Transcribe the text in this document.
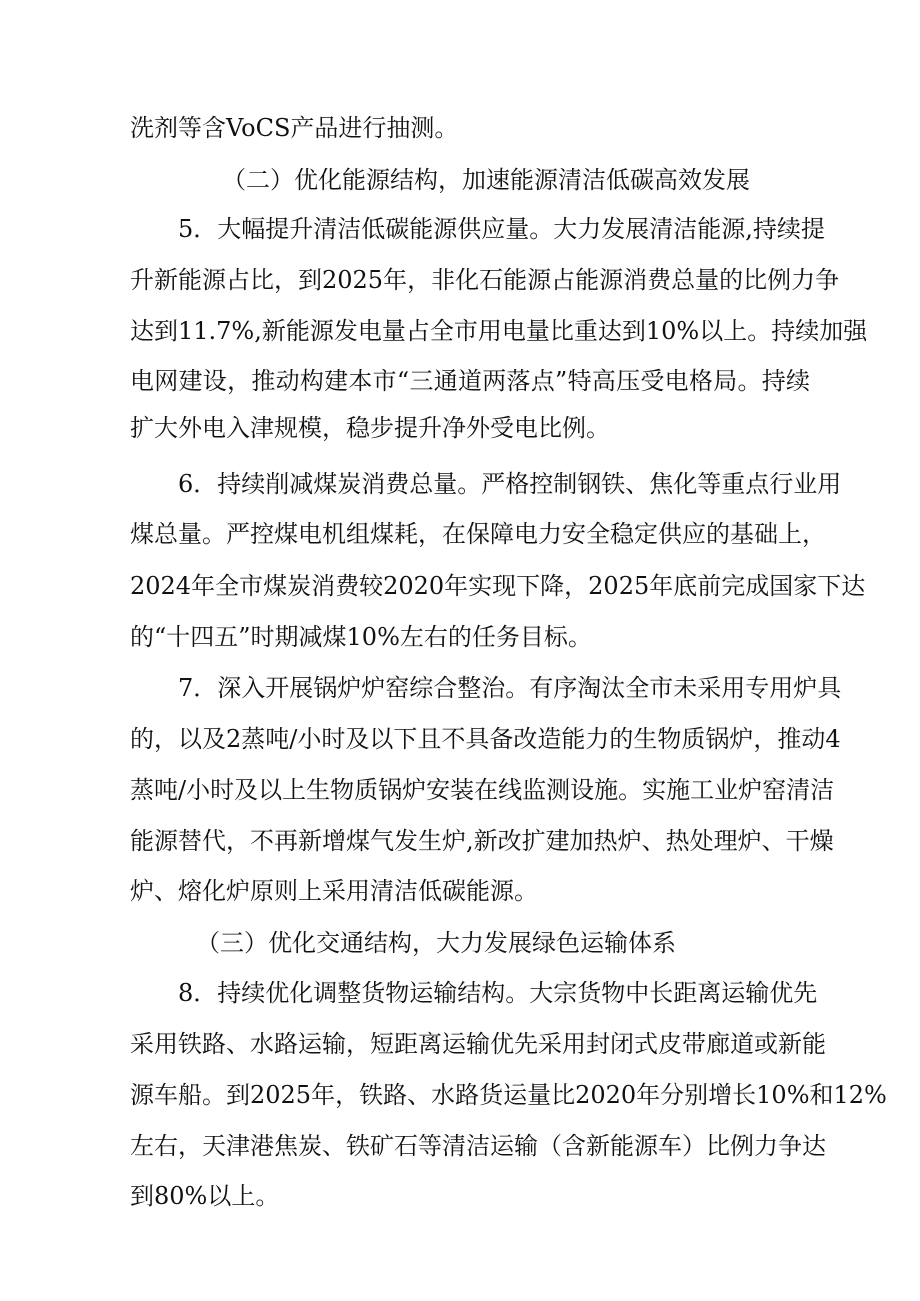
洗剂等含VoCS产品进行抽测。
（二）优化能源结构，加速能源清洁低碳高效发展
5．大幅提升清洁低碳能源供应量。大力发展清洁能源,持续提
升新能源占比，到2025年，非化石能源占能源消费总量的比例力争
达到11.7%,新能源发电量占全市用电量比重达到10%以上。持续加强
电网建设，推动构建本市“三通道两落点”特高压受电格局。持续
扩大外电入津规模，稳步提升净外受电比例。
6．持续削减煤炭消费总量。严格控制钢铁、焦化等重点行业用
煤总量。严控煤电机组煤耗，在保障电力安全稳定供应的基础上，
2024年全市煤炭消费较2020年实现下降，2025年底前完成国家下达
的“十四五”时期减煤10%左右的任务目标。
7．深入开展锅炉炉窑综合整治。有序淘汰全市未采用专用炉具
的，以及2蒸吨/小时及以下且不具备改造能力的生物质锅炉，推动4
蒸吨/小时及以上生物质锅炉安装在线监测设施。实施工业炉窑清洁
能源替代，不再新增煤气发生炉,新改扩建加热炉、热处理炉、干燥
炉、熔化炉原则上采用清洁低碳能源。
（三）优化交通结构，大力发展绿色运输体系
8．持续优化调整货物运输结构。大宗货物中长距离运输优先
采用铁路、水路运输，短距离运输优先采用封闭式皮带廊道或新能
源车船。到2025年，铁路、水路货运量比2020年分别增长10%和12%
左右，天津港焦炭、铁矿石等清洁运输（含新能源车）比例力争达
到80%以上。
